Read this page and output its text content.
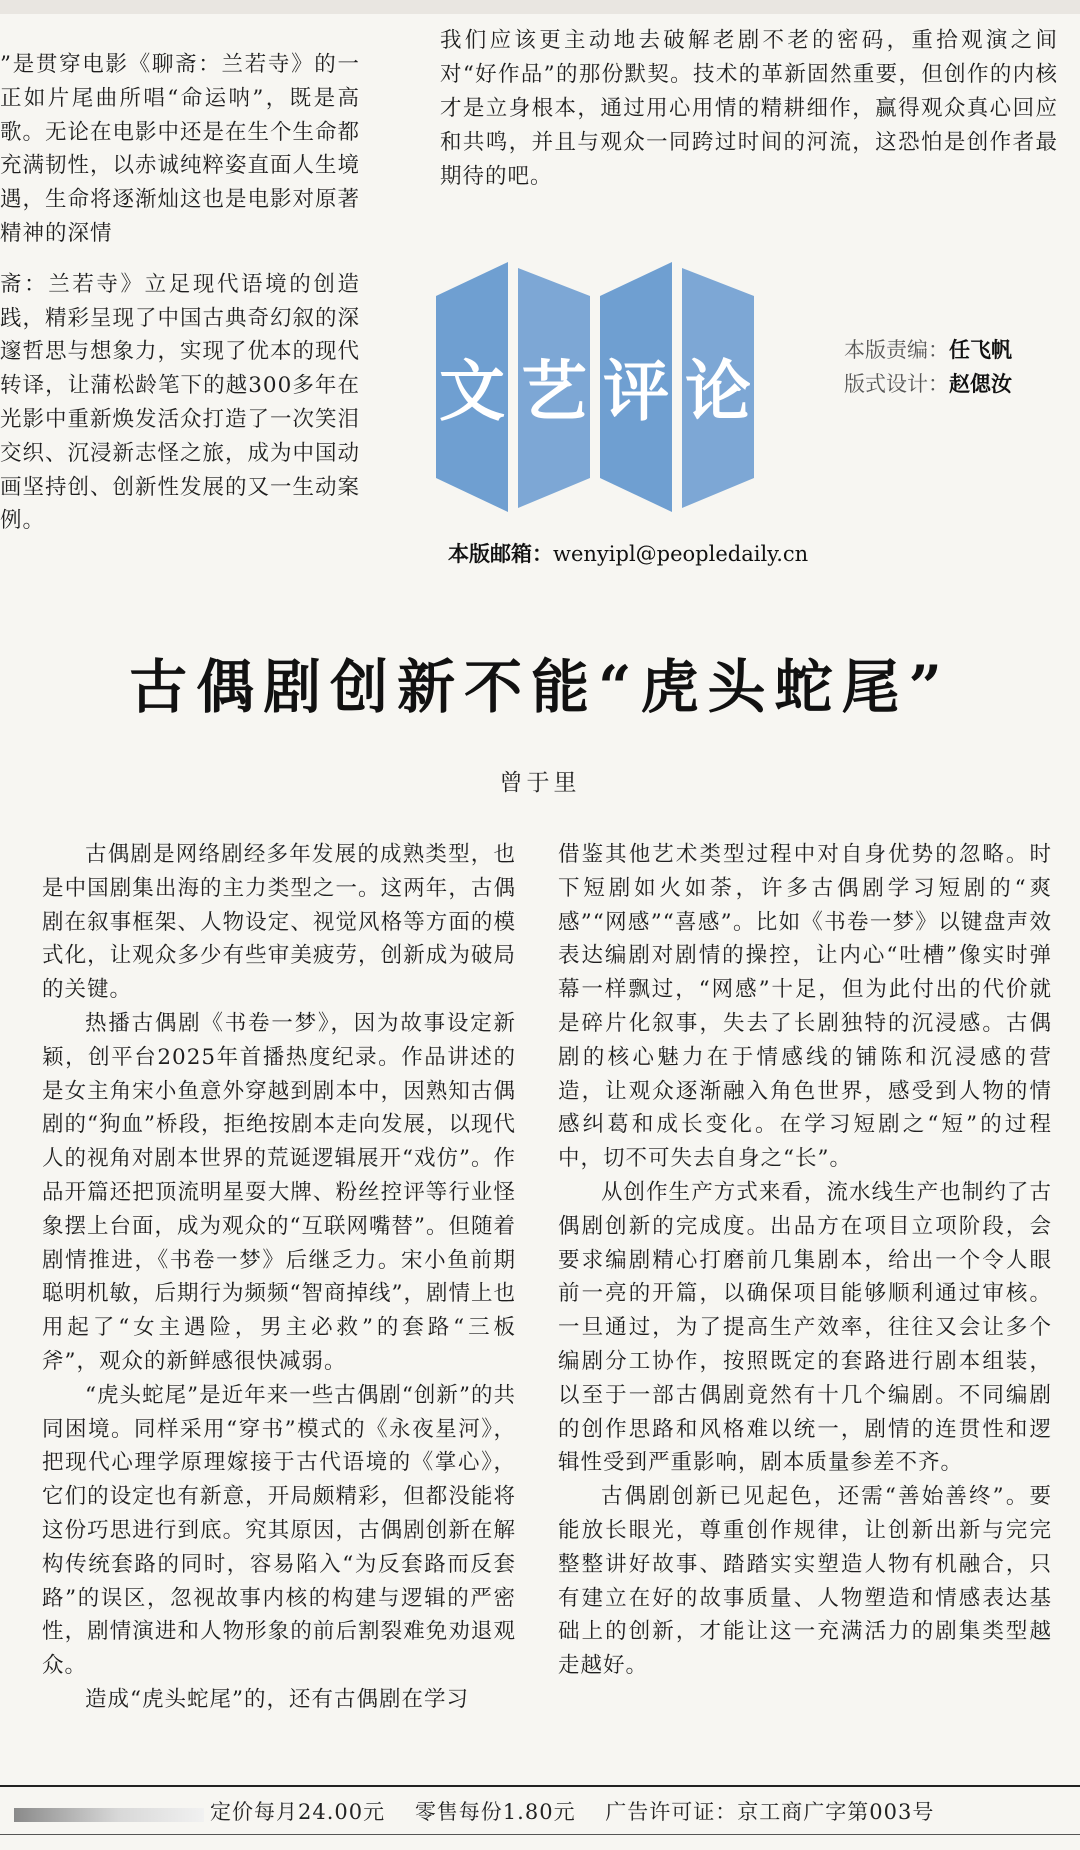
”是贯穿电影《聊斋：兰若寺》的一正如片尾曲所唱“命运呐”，既是高歌。无论在电影中还是在生个生命都充满韧性，以赤诚纯粹姿直面人生境遇，生命将逐渐灿这也是电影对原著精神的深情

斋：兰若寺》立足现代语境的创造践，精彩呈现了中国古典奇幻叙的深邃哲思与想象力，实现了优本的现代转译，让蒲松龄笔下的越300多年在光影中重新焕发活众打造了一次笑泪交织、沉浸新志怪之旅，成为中国动画坚持创、创新性发展的又一生动案例。

我们应该更主动地去破解老剧不老的密码，重拾观演之间对“好作品”的那份默契。技术的革新固然重要，但创作的内核才是立身根本，通过用心用情的精耕细作，赢得观众真心回应和共鸣，并且与观众一同跨过时间的河流，这恐怕是创作者最期待的吧。

文 艺 评 论
本版责编：任飞帆
版式设计：赵偲汝
本版邮箱：wenyipl@peopledaily.cn
古偶剧创新不能“虎头蛇尾”
曾于里

古偶剧是网络剧经多年发展的成熟类型，也是中国剧集出海的主力类型之一。这两年，古偶剧在叙事框架、人物设定、视觉风格等方面的模式化，让观众多少有些审美疲劳，创新成为破局的关键。

热播古偶剧《书卷一梦》，因为故事设定新颖，创平台2025年首播热度纪录。作品讲述的是女主角宋小鱼意外穿越到剧本中，因熟知古偶剧的“狗血”桥段，拒绝按剧本走向发展，以现代人的视角对剧本世界的荒诞逻辑展开“戏仿”。作品开篇还把顶流明星耍大牌、粉丝控评等行业怪象摆上台面，成为观众的“互联网嘴替”。但随着剧情推进，《书卷一梦》后继乏力。宋小鱼前期聪明机敏，后期行为频频“智商掉线”，剧情上也用起了“女主遇险，男主必救”的套路“三板斧”，观众的新鲜感很快减弱。

“虎头蛇尾”是近年来一些古偶剧“创新”的共同困境。同样采用“穿书”模式的《永夜星河》，把现代心理学原理嫁接于古代语境的《掌心》，它们的设定也有新意，开局颇精彩，但都没能将这份巧思进行到底。究其原因，古偶剧创新在解构传统套路的同时，容易陷入“为反套路而反套路”的误区，忽视故事内核的构建与逻辑的严密性，剧情演进和人物形象的前后割裂难免劝退观众。

造成“虎头蛇尾”的，还有古偶剧在学习

借鉴其他艺术类型过程中对自身优势的忽略。时下短剧如火如荼，许多古偶剧学习短剧的“爽感”“网感”“喜感”。比如《书卷一梦》以键盘声效表达编剧对剧情的操控，让内心“吐槽”像实时弹幕一样飘过，“网感”十足，但为此付出的代价就是碎片化叙事，失去了长剧独特的沉浸感。古偶剧的核心魅力在于情感线的铺陈和沉浸感的营造，让观众逐渐融入角色世界，感受到人物的情感纠葛和成长变化。在学习短剧之“短”的过程中，切不可失去自身之“长”。

从创作生产方式来看，流水线生产也制约了古偶剧创新的完成度。出品方在项目立项阶段，会要求编剧精心打磨前几集剧本，给出一个令人眼前一亮的开篇，以确保项目能够顺利通过审核。一旦通过，为了提高生产效率，往往又会让多个编剧分工协作，按照既定的套路进行剧本组装，以至于一部古偶剧竟然有十几个编剧。不同编剧的创作思路和风格难以统一，剧情的连贯性和逻辑性受到严重影响，剧本质量参差不齐。

古偶剧创新已见起色，还需“善始善终”。要能放长眼光，尊重创作规律，让创新出新与完完整整讲好故事、踏踏实实塑造人物有机融合，只有建立在好的故事质量、人物塑造和情感表达基础上的创新，才能让这一充满活力的剧集类型越走越好。

定价每月24.00元 零售每份1.80元 广告许可证：京工商广字第003号
